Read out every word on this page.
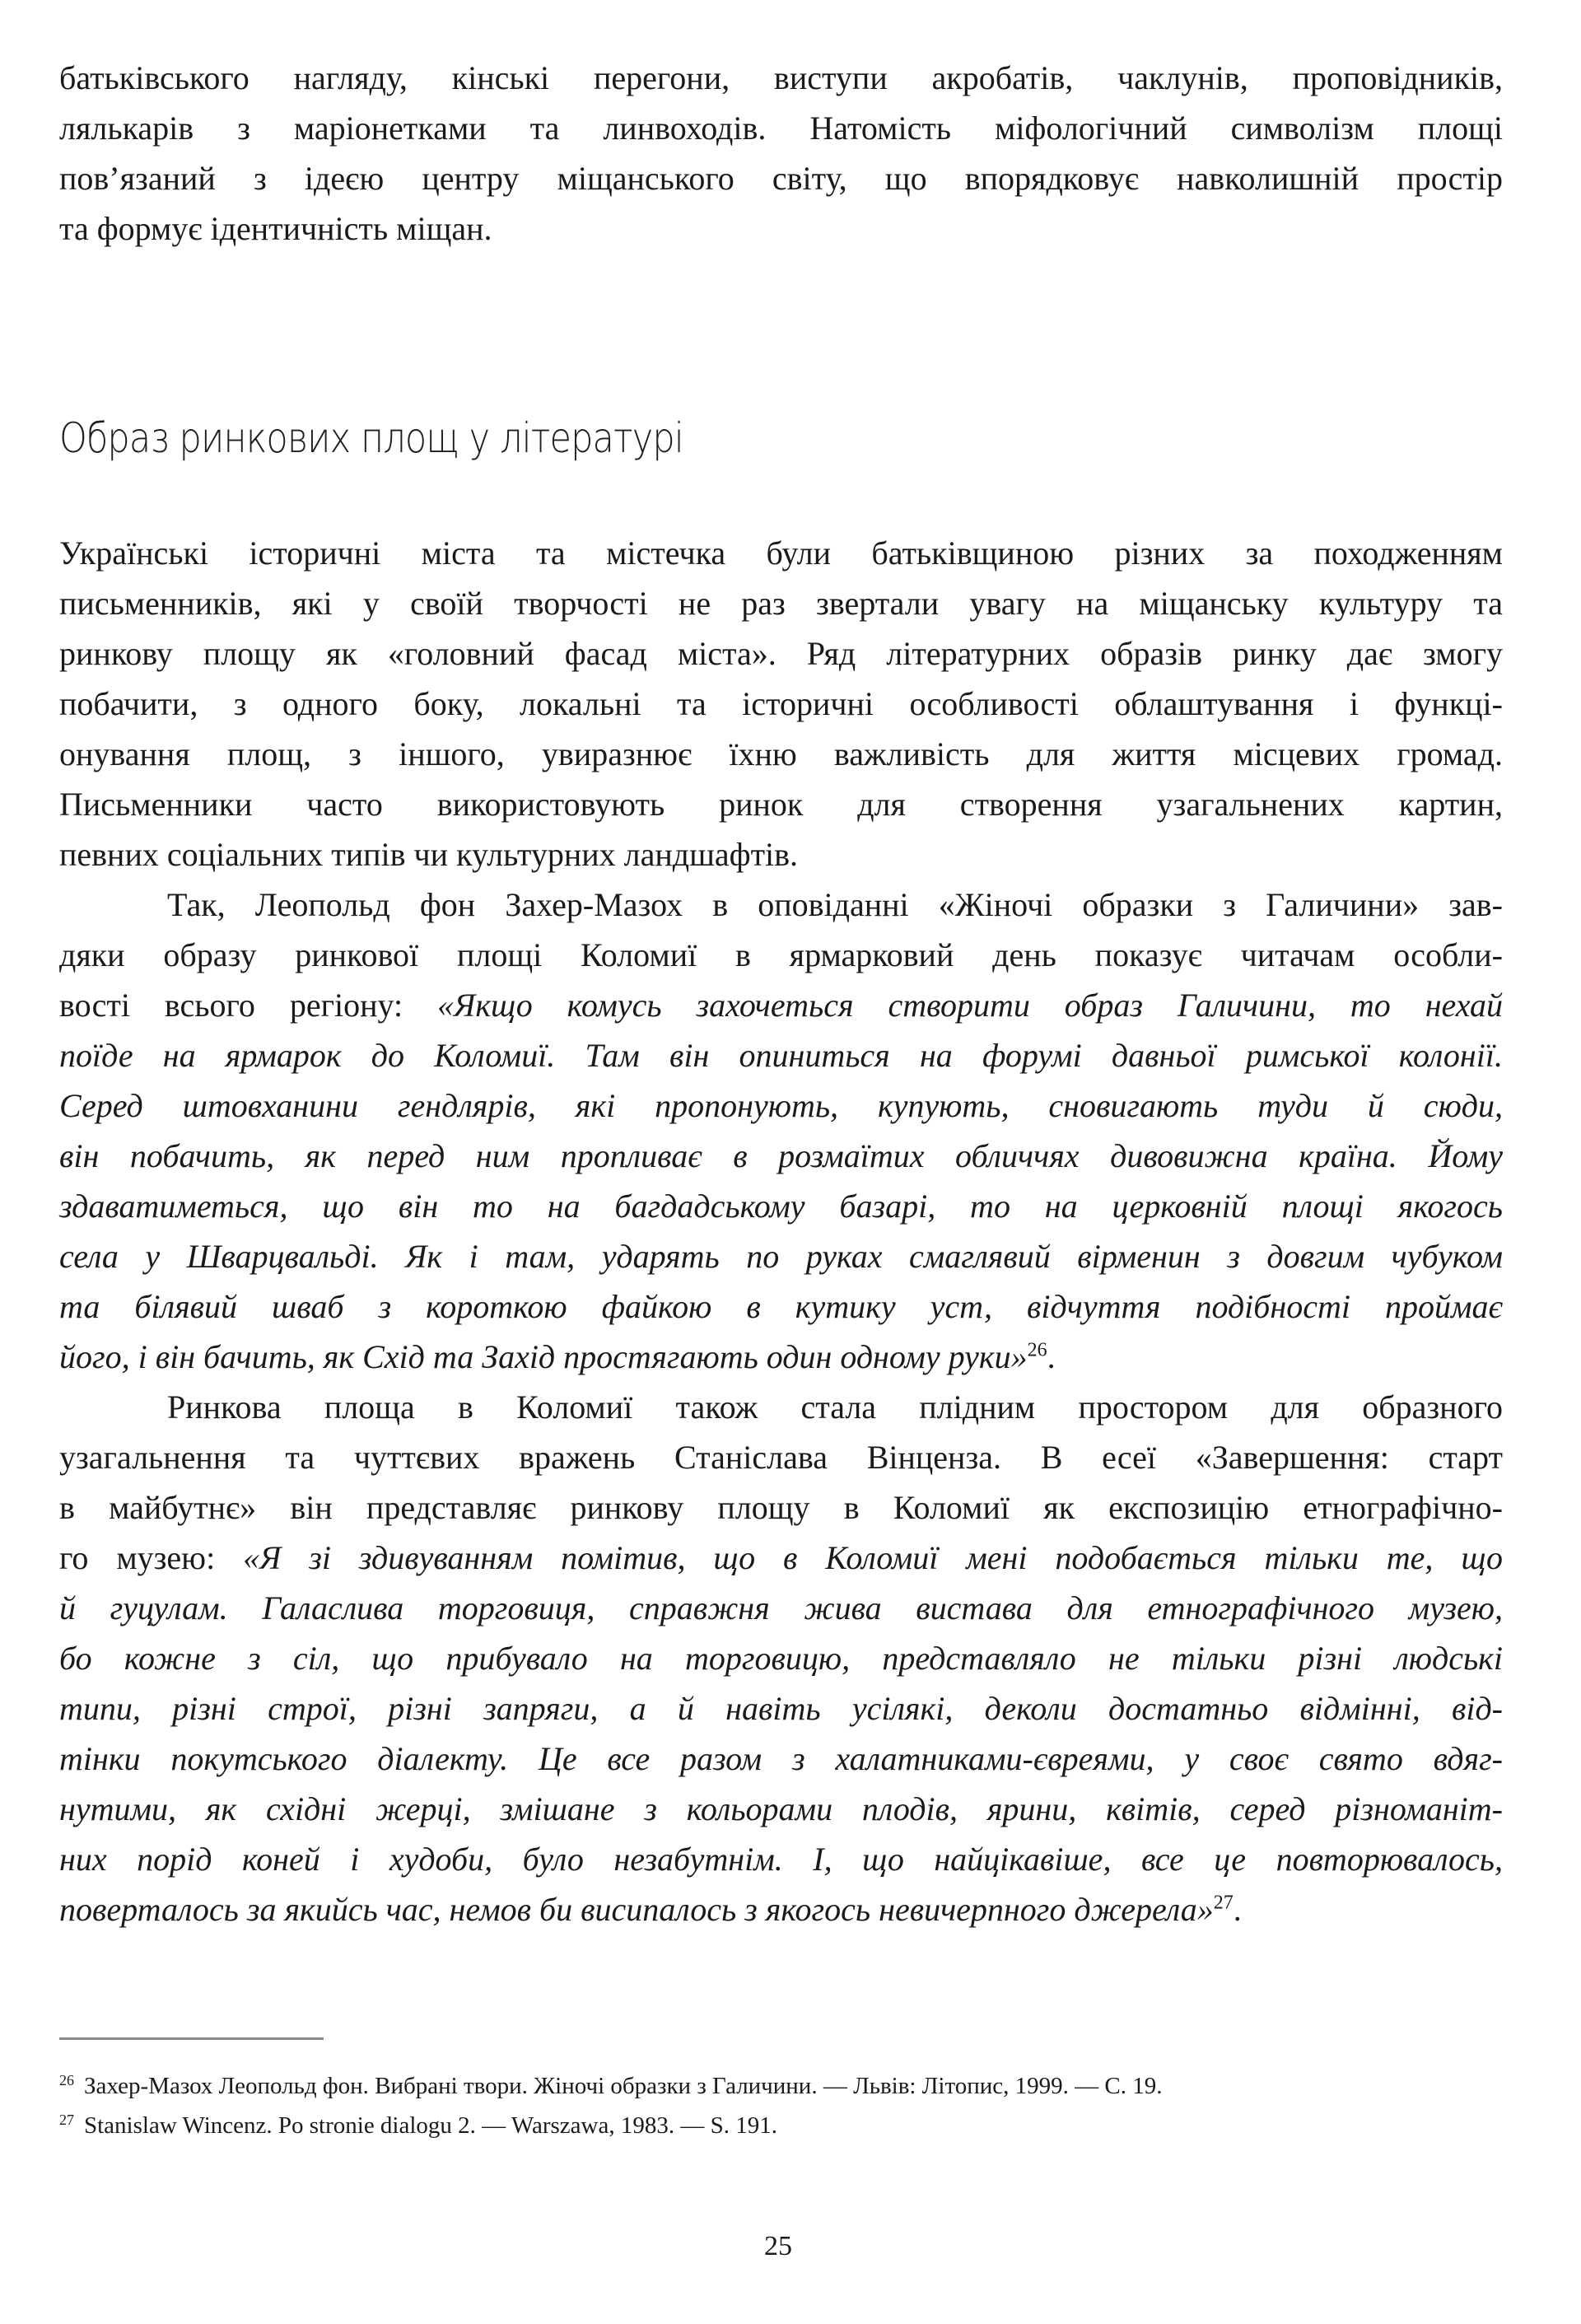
батьківського нагляду, кінські перегони, виступи акробатів, чаклунів, проповідників,
лялькарів з маріонетками та линвоходів. Натомість міфологічний символізм площі
пов’язаний з ідеєю центру міщанського світу, що впорядковує навколишній простір
та формує ідентичність міщан.
Образ ринкових площ у літературі
Українські історичні міста та містечка були батьківщиною різних за походженням
письменників, які у своїй творчості не раз звертали увагу на міщанську культуру та
ринкову площу як «головний фасад міста». Ряд літературних образів ринку дає змогу
побачити, з одного боку, локальні та історичні особливості облаштування і функці-
онування площ, з іншого, увиразнює їхню важливість для життя місцевих громад.
Письменники часто використовують ринок для створення узагальнених картин,
певних соціальних типів чи культурних ландшафтів.
Так, Леопольд фон Захер-Мазох в оповіданні «Жіночі образки з Галичини» зав-
дяки образу ринкової площі Коломиї в ярмарковий день показує читачам особли-
вості всього регіону: «Якщо комусь захочеться створити образ Галичини, то нехай
поїде на ярмарок до Коломиї. Там він опиниться на форумі давньої римської колонії.
Серед штовханини гендлярів, які пропонують, купують, сновигають туди й сюди,
він побачить, як перед ним пропливає в розмаїтих обличчях дивовижна країна. Йому
здаватиметься, що він то на багдадському базарі, то на церковній площі якогось
села у Шварцвальді. Як і там, ударять по руках смаглявий вірменин з довгим чубуком
та білявий шваб з короткою файкою в кутику уст, відчуття подібності проймає
його, і він бачить, як Схід та Захід простягають один одному руки»$^{26}$.
Ринкова площа в Коломиї також стала плідним простором для образного
узагальнення та чуттєвих вражень Станіслава Вінценза. В есеї «Завершення: старт
в майбутнє» він представляє ринкову площу в Коломиї як експозицію етнографічно-
го музею: «Я зі здивуванням помітив, що в Коломиї мені подобається тільки те, що
й гуцулам. Галаслива торговиця, справжня жива вистава для етнографічного музею,
бо кожне з сіл, що прибувало на торговицю, представляло не тільки різні людські
типи, різні строї, різні запряги, а й навіть усілякі, деколи достатньо відмінні, від-
тінки покутського діалекту. Це все разом з халатниками-євреями, у своє свято вдяг-
нутими, як східні жерці, змішане з кольорами плодів, ярини, квітів, серед різноманіт-
них порід коней і худоби, було незабутнім. І, що найцікавіше, все це повторювалось,
поверталось за якийсь час, немов би висипалось з якогось невичерпного джерела»$^{27}$.
26 Захер-Мазох Леопольд фон. Вибрані твори. Жіночі образки з Галичини. — Львів: Літопис, 1999. — С. 19.
27 Stanislaw Wincenz. Po stronie dialogu 2. — Warszawa, 1983. — S. 191.
25
